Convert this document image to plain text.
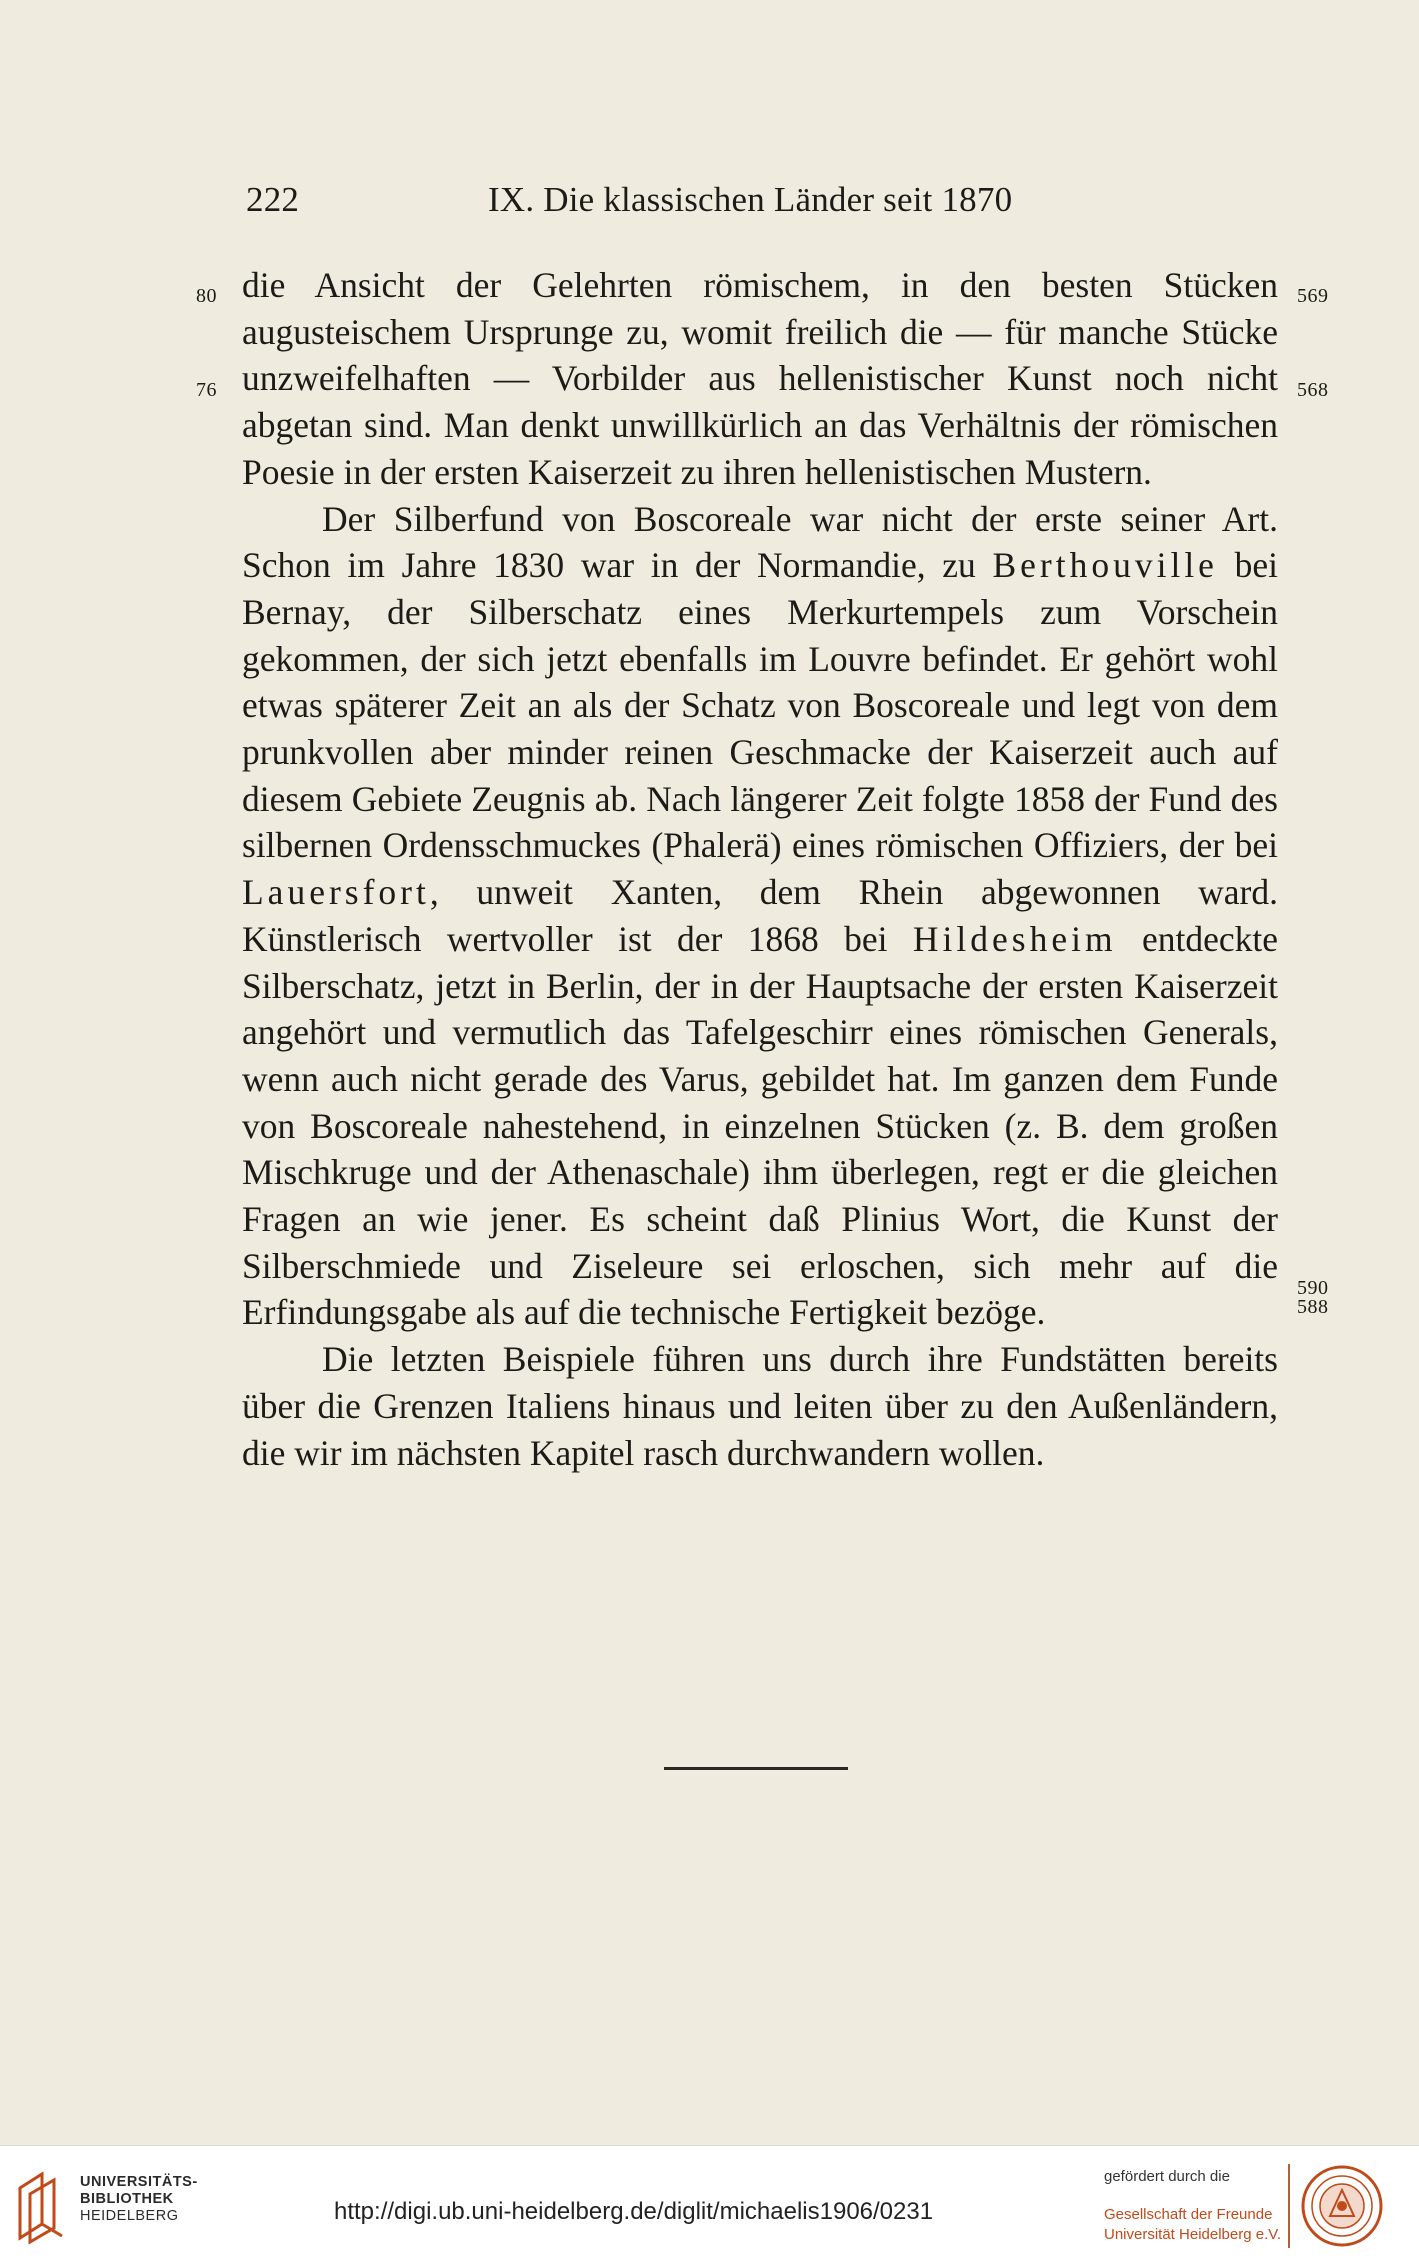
222	IX. Die klassischen Länder seit 1870
80
76
569
568
590
588

die Ansicht der Gelehrten römischem, in den besten Stücken augusteischem Ursprunge zu, womit freilich die — für manche Stücke unzweifelhaften — Vorbilder aus hellenistischer Kunst noch nicht abgetan sind. Man denkt unwillkürlich an das Verhältnis der römischen Poesie in der ersten Kaiserzeit zu ihren hellenistischen Mustern.

Der Silberfund von Boscoreale war nicht der erste seiner Art. Schon im Jahre 1830 war in der Normandie, zu Berthouville bei Bernay, der Silberschatz eines Merkurtempels zum Vorschein gekommen, der sich jetzt ebenfalls im Louvre befindet. Er gehört wohl etwas späterer Zeit an als der Schatz von Boscoreale und legt von dem prunkvollen aber minder reinen Geschmacke der Kaiserzeit auch auf diesem Gebiete Zeugnis ab. Nach längerer Zeit folgte 1858 der Fund des silbernen Ordensschmuckes (Phalerä) eines römischen Offiziers, der bei Lauersfort, unweit Xanten, dem Rhein abgewonnen ward. Künstlerisch wertvoller ist der 1868 bei Hildesheim entdeckte Silberschatz, jetzt in Berlin, der in der Hauptsache der ersten Kaiserzeit angehört und vermutlich das Tafelgeschirr eines römischen Generals, wenn auch nicht gerade des Varus, gebildet hat. Im ganzen dem Funde von Boscoreale nahestehend, in einzelnen Stücken (z. B. dem großen Mischkruge und der Athenaschale) ihm überlegen, regt er die gleichen Fragen an wie jener. Es scheint daß Plinius Wort, die Kunst der Silberschmiede und Ziseleure sei erloschen, sich mehr auf die Erfindungsgabe als auf die technische Fertigkeit bezöge.

Die letzten Beispiele führen uns durch ihre Fundstätten bereits über die Grenzen Italiens hinaus und leiten über zu den Außenländern, die wir im nächsten Kapitel rasch durchwandern wollen.

UNIVERSITÄTS-
BIBLIOTHEK
HEIDELBERG	http://digi.ub.uni-heidelberg.de/diglit/michaelis1906/0231
gefördert durch die
Gesellschaft der Freunde
Universität Heidelberg e.V.
